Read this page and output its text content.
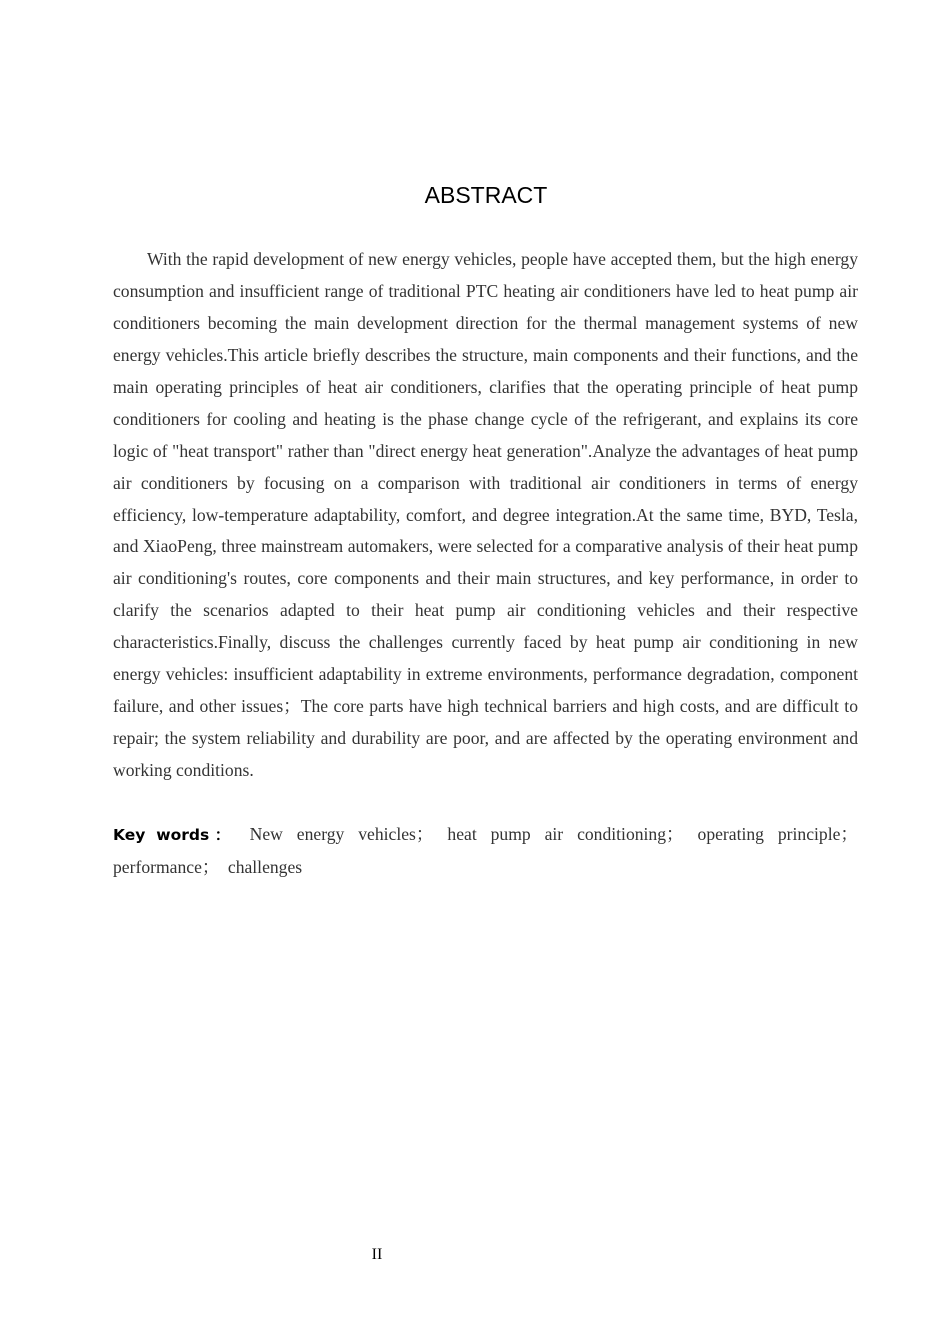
ABSTRACT

With the rapid development of new energy vehicles, people have accepted them, but the high energy consumption and insufficient range of traditional PTC heating air conditioners have led to heat pump air conditioners becoming the main development direction for the thermal management systems of new energy vehicles.This article briefly describes the structure, main components and their functions, and the main operating principles of heat air conditioners, clarifies that the operating principle of heat pump conditioners for cooling and heating is the phase change cycle of the refrigerant, and explains its core logic of "heat transport" rather than "direct energy heat generation".Analyze the advantages of heat pump air conditioners by focusing on a comparison with traditional air conditioners in terms of energy efficiency, low-temperature adaptability, comfort, and degree integration.At the same time, BYD, Tesla, and XiaoPeng, three mainstream automakers, were selected for a comparative analysis of their heat pump air conditioning's routes, core components and their main structures, and key performance, in order to clarify the scenarios adapted to their heat pump air conditioning vehicles and their respective characteristics.Finally, discuss the challenges currently faced by heat pump air conditioning in new energy vehicles: insufficient adaptability in extreme environments, performance degradation, component failure, and other issues；The core parts have high technical barriers and high costs, and are difficult to repair; the system reliability and durability are poor, and are affected by the operating environment and working conditions.

Key words： New energy vehicles； heat pump air conditioning； operating principle； performance； challenges

II
